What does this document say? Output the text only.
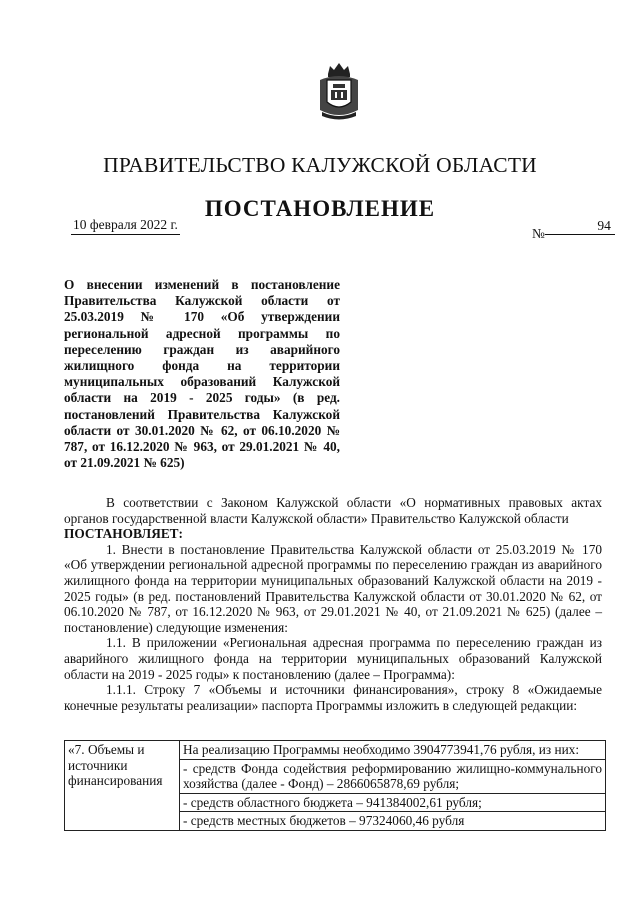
ПРАВИТЕЛЬСТВО КАЛУЖСКОЙ ОБЛАСТИ
ПОСТАНОВЛЕНИЕ
10 февраля 2022 г.
№94
О внесении изменений в постановление Правительства Калужской области от 25.03.2019 № 170 «Об утверждении региональной адресной программы по переселению граждан из аварийного жилищного фонда на территории муниципальных образований Калужской области на 2019 - 2025 годы» (в ред. постановлений Правительства Калужской области от 30.01.2020 № 62, от 06.10.2020 № 787, от 16.12.2020 № 963, от 29.01.2021 № 40, от 21.09.2021 № 625)

В соответствии с Законом Калужской области «О нормативных правовых актах органов государственной власти Калужской области» Правительство Калужской области

ПОСТАНОВЛЯЕТ:

1. Внести в постановление Правительства Калужской области от 25.03.2019 № 170 «Об утверждении региональной адресной программы по переселению граждан из аварийного жилищного фонда на территории муниципальных образований Калужской области на 2019 - 2025 годы» (в ред. постановлений Правительства Калужской области от 30.01.2020 № 62, от 06.10.2020 № 787, от 16.12.2020 № 963, от 29.01.2021 № 40, от 21.09.2021 № 625) (далее – постановление) следующие изменения:

1.1. В приложении «Региональная адресная программа по переселению граждан из аварийного жилищного фонда на территории муниципальных образований Калужской области на 2019 - 2025 годы» к постановлению (далее – Программа):

1.1.1. Строку 7 «Объемы и источники финансирования», строку 8 «Ожидаемые конечные результаты реализации» паспорта Программы изложить в следующей редакции:

«7. Объемы и источники финансирования	
На реализацию Программы необходимо 3904773941,76 рубля, из них:
- средств Фонда содействия реформированию жилищно-коммунального хозяйства (далее - Фонд) – 2866065878,69 рубля;
- средств областного бюджета – 941384002,61 рубля;
- средств местных бюджетов – 97324060,46 рубля
